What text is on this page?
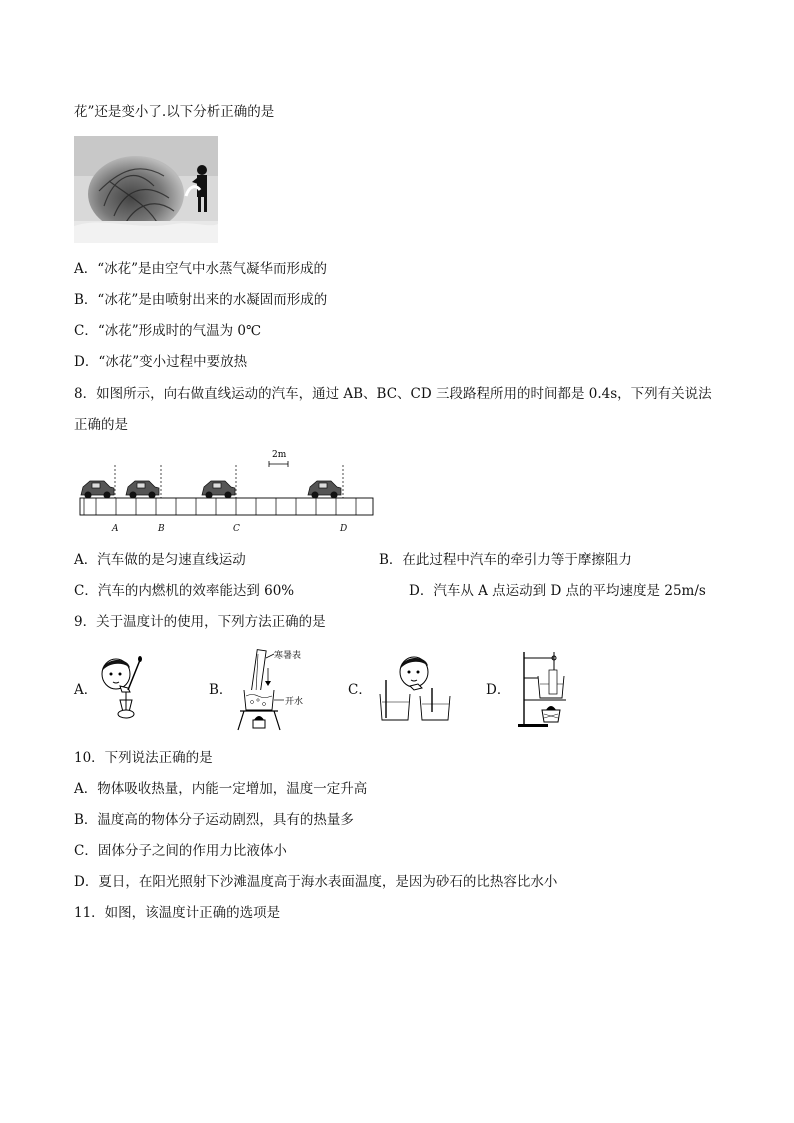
花”还是变小了.以下分析正确的是
A．“冰花”是由空气中水蒸气凝华而形成的
B．“冰花”是由喷射出来的水凝固而形成的
C．“冰花”形成时的气温为 0℃
D．“冰花”变小过程中要放热
8．如图所示，向右做直线运动的汽车，通过 AB、BC、CD 三段路程所用的时间都是 0.4s，下列有关说法
正确的是
2m
A	B	C	D
A．汽车做的是匀速直线运动	B．在此过程中汽车的牵引力等于摩擦阻力
C．汽车的内燃机的效率能达到 60%	D．汽车从 A 点运动到 D 点的平均速度是 25m/s
9．关于温度计的使用，下列方法正确的是
A．	B．	C．	D．
寒暑表
开水
10．下列说法正确的是
A．物体吸收热量，内能一定增加，温度一定升高
B．温度高的物体分子运动剧烈，具有的热量多
C．固体分子之间的作用力比液体小
D．夏日，在阳光照射下沙滩温度高于海水表面温度，是因为砂石的比热容比水小
11．如图，该温度计正确的选项是
